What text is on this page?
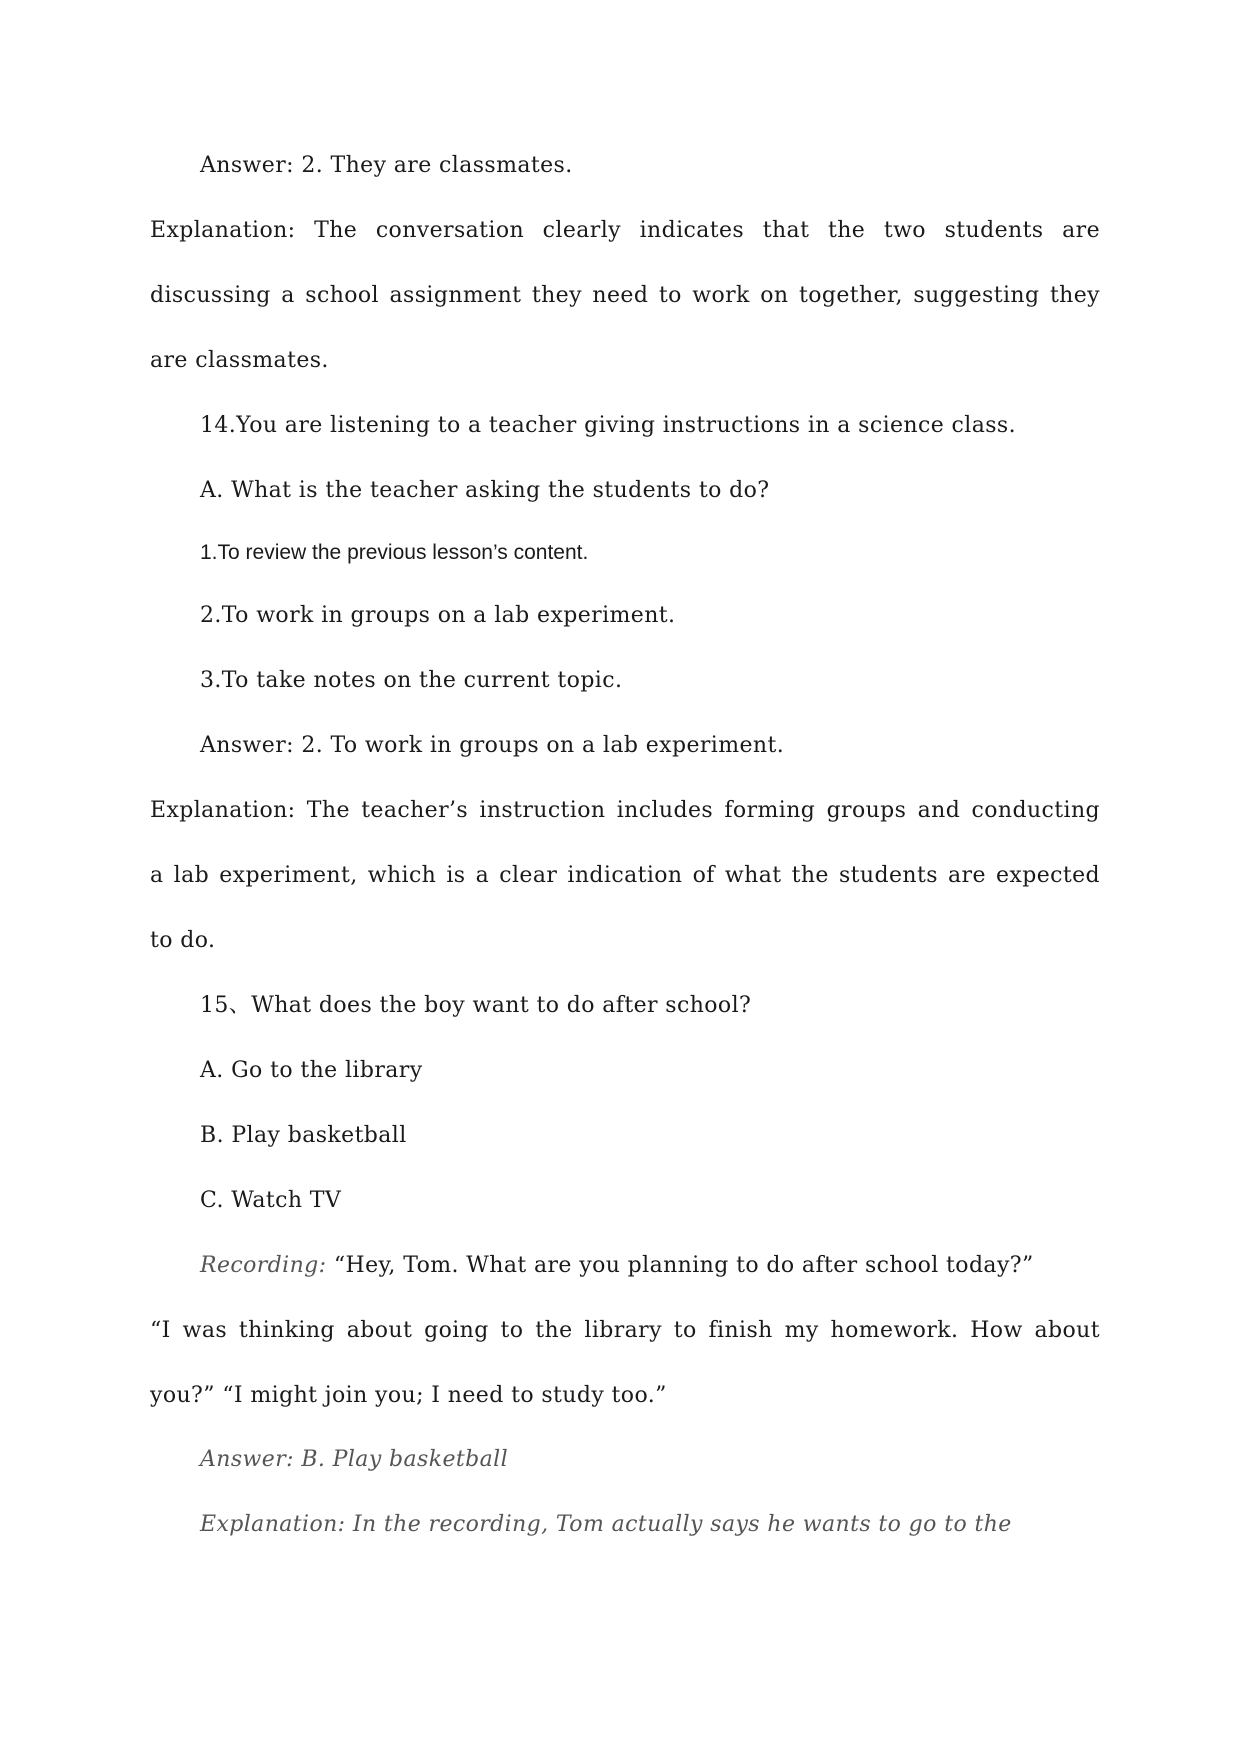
Answer: 2. They are classmates.
Explanation: The conversation clearly indicates that the two students are
discussing a school assignment they need to work on together, suggesting they
are classmates.
14.You are listening to a teacher giving instructions in a science class.
A. What is the teacher asking the students to do?
1.To review the previous lesson’s content.
2.To work in groups on a lab experiment.
3.To take notes on the current topic.
Answer: 2. To work in groups on a lab experiment.
Explanation: The teacher’s instruction includes forming groups and conducting
a lab experiment, which is a clear indication of what the students are expected
to do.
15、What does the boy want to do after school?
A. Go to the library
B. Play basketball
C. Watch TV
Recording: “Hey, Tom. What are you planning to do after school today?”
“I was thinking about going to the library to finish my homework. How about
you?” “I might join you; I need to study too.”
Answer: B. Play basketball
Explanation: In the recording, Tom actually says he wants to go to the
